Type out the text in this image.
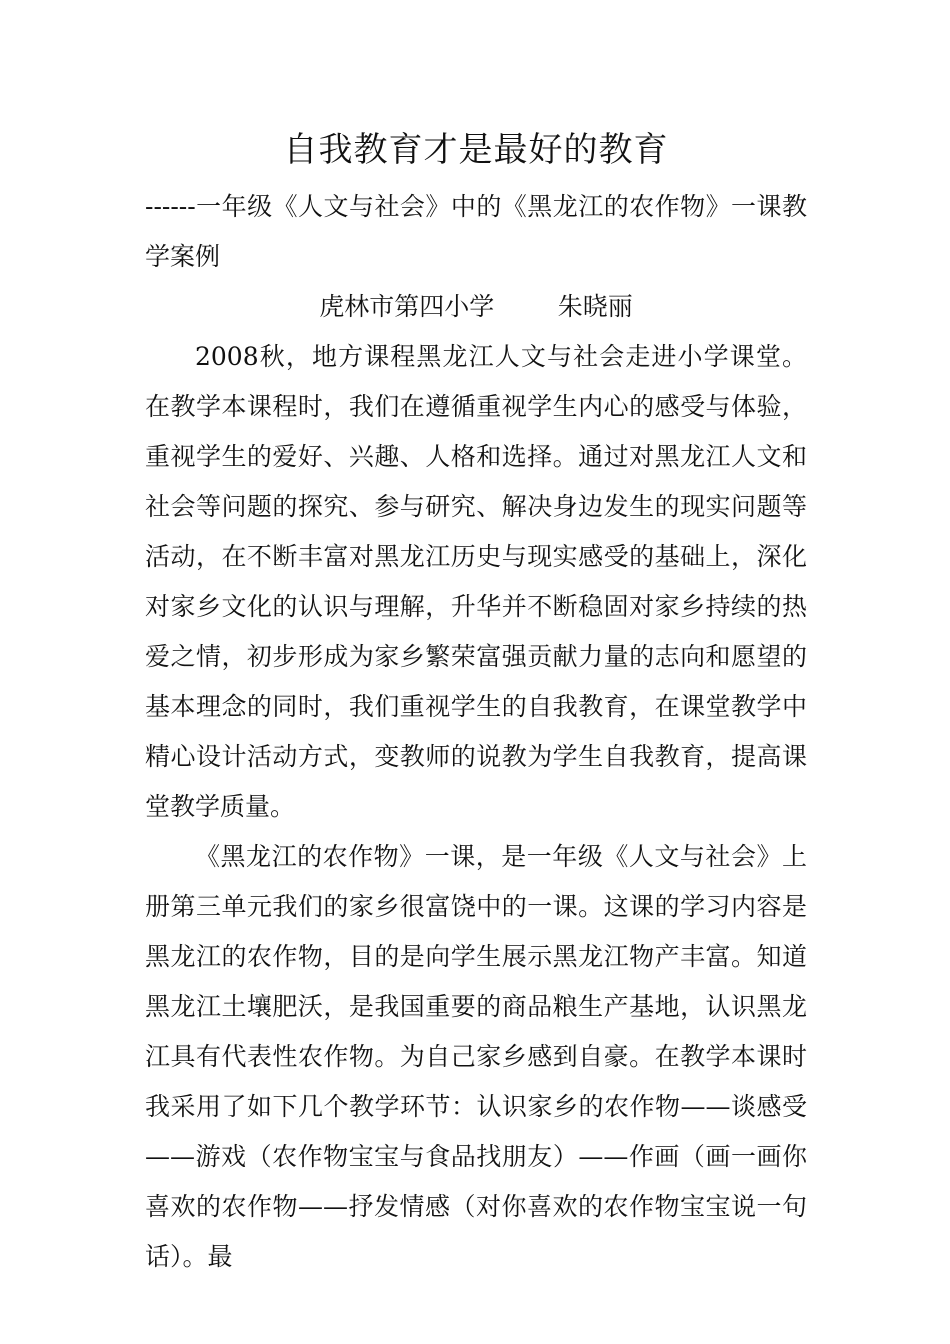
自我教育才是最好的教育

------一年级《人文与社会》中的《黑龙江的农作物》一课教学案例

虎林市第四小学        朱晓丽

2008秋，地方课程黑龙江人文与社会走进小学课堂。在教学本课程时，我们在遵循重视学生内心的感受与体验，重视学生的爱好、兴趣、人格和选择。通过对黑龙江人文和社会等问题的探究、参与研究、解决身边发生的现实问题等活动，在不断丰富对黑龙江历史与现实感受的基础上，深化对家乡文化的认识与理解，升华并不断稳固对家乡持续的热爱之情，初步形成为家乡繁荣富强贡献力量的志向和愿望的基本理念的同时，我们重视学生的自我教育，在课堂教学中精心设计活动方式，变教师的说教为学生自我教育，提高课堂教学质量。

《黑龙江的农作物》一课，是一年级《人文与社会》上册第三单元我们的家乡很富饶中的一课。这课的学习内容是黑龙江的农作物，目的是向学生展示黑龙江物产丰富。知道黑龙江土壤肥沃，是我国重要的商品粮生产基地，认识黑龙江具有代表性农作物。为自己家乡感到自豪。在教学本课时我采用了如下几个教学环节：认识家乡的农作物——谈感受——游戏（农作物宝宝与食品找朋友）——作画（画一画你喜欢的农作物——抒发情感（对你喜欢的农作物宝宝说一句话）。最
